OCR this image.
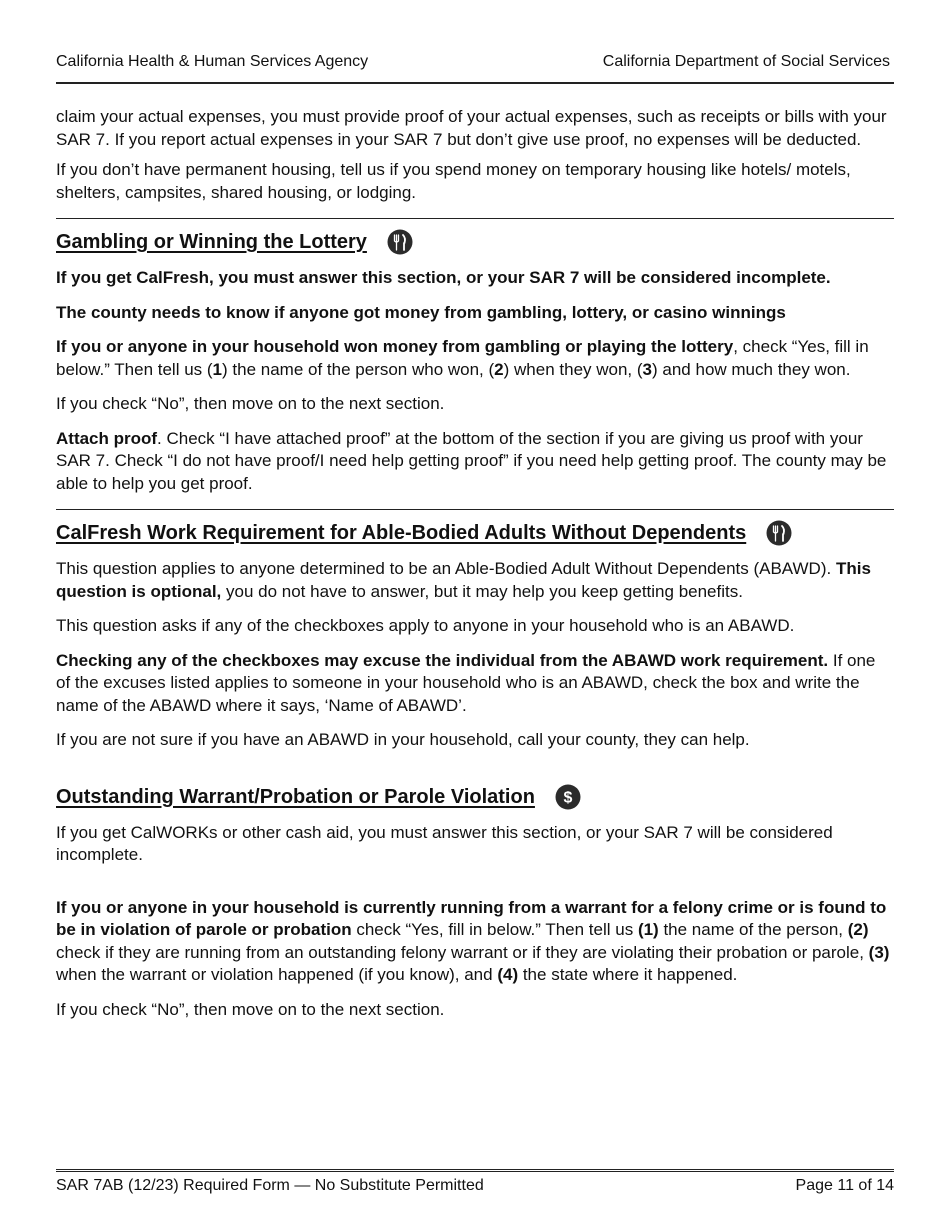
California Health & Human Services Agency	California Department of Social Services

claim your actual expenses, you must provide proof of your actual expenses, such as receipts or bills with your SAR 7. If you report actual expenses in your SAR 7 but don’t give use proof, no expenses will be deducted.

If you don’t have permanent housing, tell us if you spend money on temporary housing like hotels/ motels, shelters, campsites, shared housing, or lodging.

Gambling or Winning the Lottery

If you get CalFresh, you must answer this section, or your SAR 7 will be considered incomplete.

The county needs to know if anyone got money from gambling, lottery, or casino winnings

If you or anyone in your household won money from gambling or playing the lottery, check “Yes, fill in below.” Then tell us (1) the name of the person who won, (2) when they won, (3) and how much they won.

If you check “No”, then move on to the next section.

Attach proof. Check “I have attached proof” at the bottom of the section if you are giving us proof with your SAR 7. Check “I do not have proof/I need help getting proof” if you need help getting proof. The county may be able to help you get proof.

CalFresh Work Requirement for Able-Bodied Adults Without Dependents

This question applies to anyone determined to be an Able-Bodied Adult Without Dependents (ABAWD). This question is optional, you do not have to answer, but it may help you keep getting benefits.

This question asks if any of the checkboxes apply to anyone in your household who is an ABAWD.

Checking any of the checkboxes may excuse the individual from the ABAWD work requirement. If one of the excuses listed applies to someone in your household who is an ABAWD, check the box and write the name of the ABAWD where it says, ‘Name of ABAWD’.

If you are not sure if you have an ABAWD in your household, call your county, they can help.

Outstanding Warrant/Probation or Parole Violation $

If you get CalWORKs or other cash aid, you must answer this section, or your SAR 7 will be considered incomplete.

If you or anyone in your household is currently running from a warrant for a felony crime or is found to be in violation of parole or probation check “Yes, fill in below.” Then tell us (1) the name of the person, (2) check if they are running from an outstanding felony warrant or if they are violating their probation or parole, (3) when the warrant or violation happened (if you know), and (4) the state where it happened.

If you check “No”, then move on to the next section.

SAR 7AB (12/23) Required Form — No Substitute Permitted	Page 11 of 14
